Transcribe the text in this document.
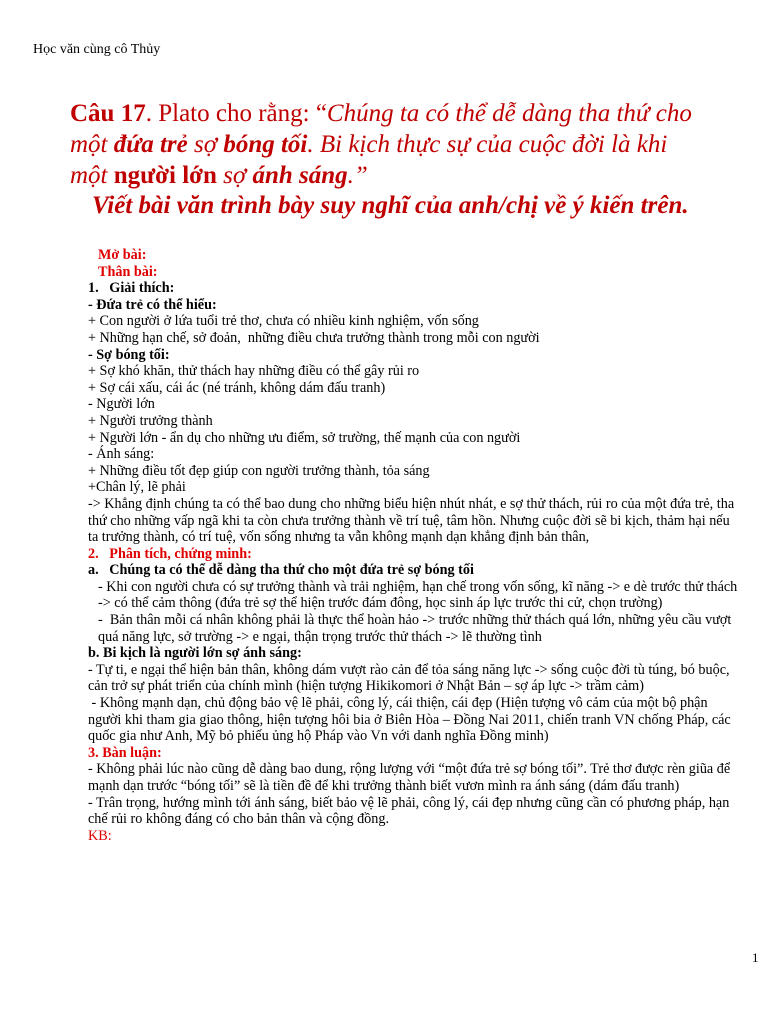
Học văn cùng cô Thủy
Câu 17. Plato cho rằng: “Chúng ta có thể dễ dàng tha thứ cho một đứa trẻ sợ bóng tối. Bi kịch thực sự của cuộc đời là khi một người lớn sợ ánh sáng.”
Viết bài văn trình bày suy nghĩ của anh/chị về ý kiến trên.
Mở bài:
Thân bài:
1.   Giải thích:
- Đứa trẻ có thể hiểu:
+ Con người ở lứa tuổi trẻ thơ, chưa có nhiều kinh nghiệm, vốn sống
+ Những hạn chế, sở đoản,  những điều chưa trưởng thành trong mỗi con người
- Sợ bóng tối:
+ Sợ khó khăn, thử thách hay những điều có thể gây rủi ro
+ Sợ cái xấu, cái ác (né tránh, không dám đấu tranh)
- Người lớn
+ Người trưởng thành
+ Người lớn - ẩn dụ cho những ưu điểm, sở trường, thế mạnh của con người
- Ánh sáng:
+ Những điều tốt đẹp giúp con người trưởng thành, tỏa sáng
+Chân lý, lẽ phải
-> Khẳng định chúng ta có thể bao dung cho những biểu hiện nhút nhát, e sợ thử thách, rủi ro của một đứa trẻ, tha thứ cho những vấp ngã khi ta còn chưa trưởng thành về trí tuệ, tâm hồn. Nhưng cuộc đời sẽ bi kịch, thảm hại nếu ta trưởng thành, có trí tuệ, vốn sống nhưng ta vẫn không mạnh dạn khẳng định bản thân,
2.   Phân tích, chứng minh:
a.   Chúng ta có thể dễ dàng tha thứ cho một đứa trẻ sợ bóng tối
- Khi con người chưa có sự trưởng thành và trải nghiệm, hạn chế trong vốn sống, kĩ năng -> e dè trước thử thách -> có thể cảm thông (đứa trẻ sợ thể hiện trước đám đông, học sinh áp lực trước thi cử, chọn trường)
-  Bản thân mỗi cá nhân không phải là thực thể hoàn hảo -> trước những thử thách quá lớn, những yêu cầu vượt quá năng lực, sở trường -> e ngại, thận trọng trước thử thách -> lẽ thường tình
b. Bi kịch là người lớn sợ ánh sáng:
- Tự ti, e ngại thể hiện bản thân, không dám vượt rào cản để tỏa sáng năng lực -> sống cuộc đời tù túng, bó buộc, cản trở sự phát triển của chính mình (hiện tượng Hikikomori ở Nhật Bản – sợ áp lực -> trầm cảm)
- Không mạnh dạn, chủ động bảo vệ lẽ phải, công lý, cái thiện, cái đẹp (Hiện tượng vô cảm của một bộ phận người khi tham gia giao thông, hiện tượng hôi bia ở Biên Hòa – Đồng Nai 2011, chiến tranh VN chống Pháp, các quốc gia như Anh, Mỹ bỏ phiếu ủng hộ Pháp vào Vn với danh nghĩa Đồng minh)
3. Bàn luận:
- Không phải lúc nào cũng dễ dàng bao dung, rộng lượng với “một đứa trẻ sợ bóng tối”. Trẻ thơ được rèn giũa để mạnh dạn trước “bóng tối” sẽ là tiền đề để khi trưởng thành biết vươn mình ra ánh sáng (dám đấu tranh)
- Trân trọng, hướng mình tới ánh sáng, biết bảo vệ lẽ phải, công lý, cái đẹp nhưng cũng cần có phương pháp, hạn chế rủi ro không đáng có cho bản thân và cộng đồng.
KB:
1
